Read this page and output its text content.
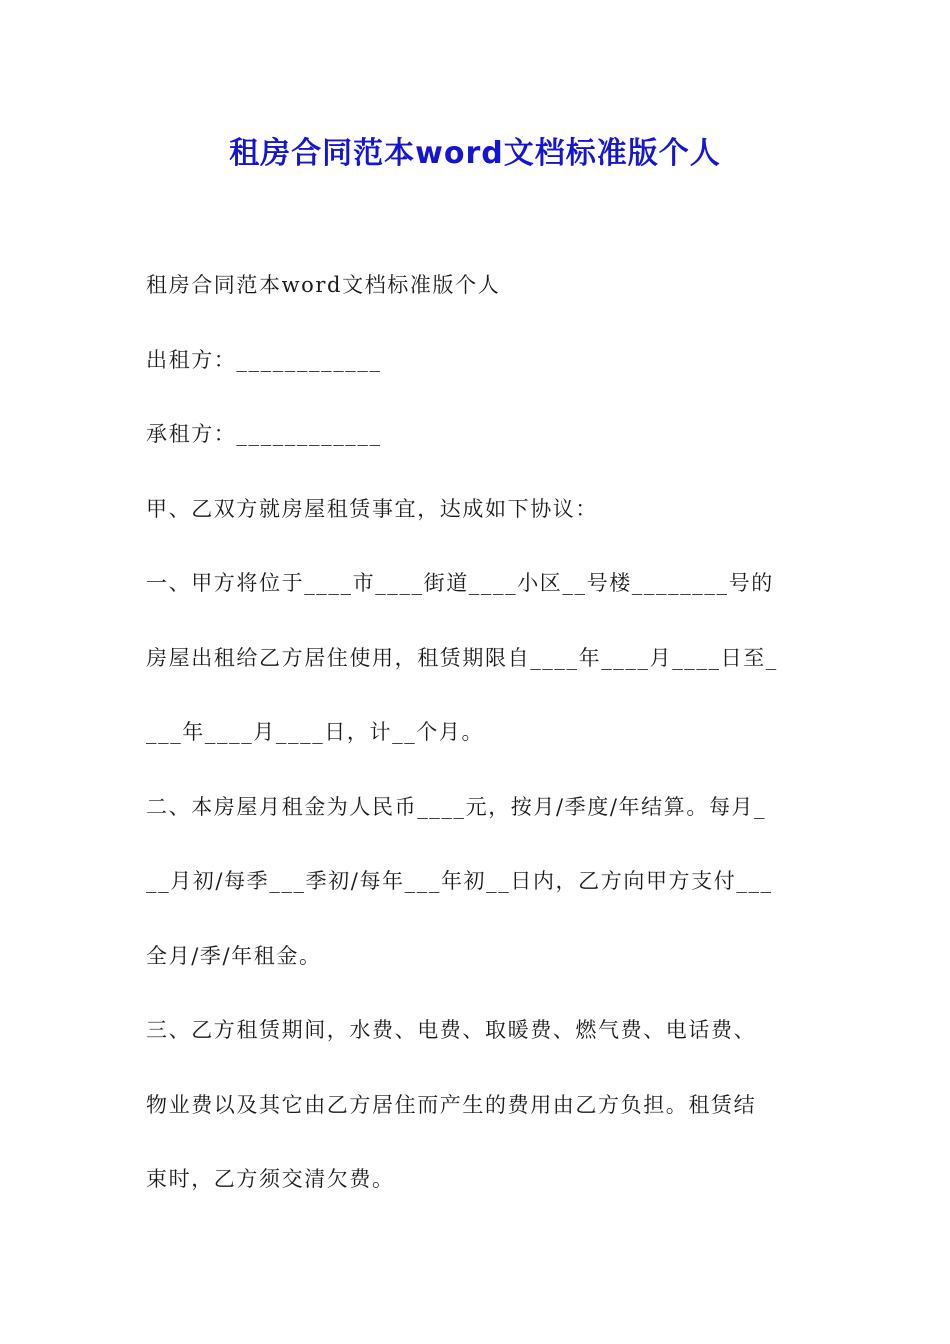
租房合同范本word文档标准版个人
租房合同范本word文档标准版个人
出租方：____________
承租方：____________
甲、乙双方就房屋租赁事宜，达成如下协议：
一、甲方将位于____市____街道____小区__号楼________号的
房屋出租给乙方居住使用，租赁期限自____年____月____日至_
___年____月____日，计__个月。
二、本房屋月租金为人民币____元，按月/季度/年结算。每月_
__月初/每季___季初/每年___年初__日内，乙方向甲方支付___
全月/季/年租金。
三、乙方租赁期间，水费、电费、取暖费、燃气费、电话费、
物业费以及其它由乙方居住而产生的费用由乙方负担。租赁结
束时，乙方须交清欠费。
